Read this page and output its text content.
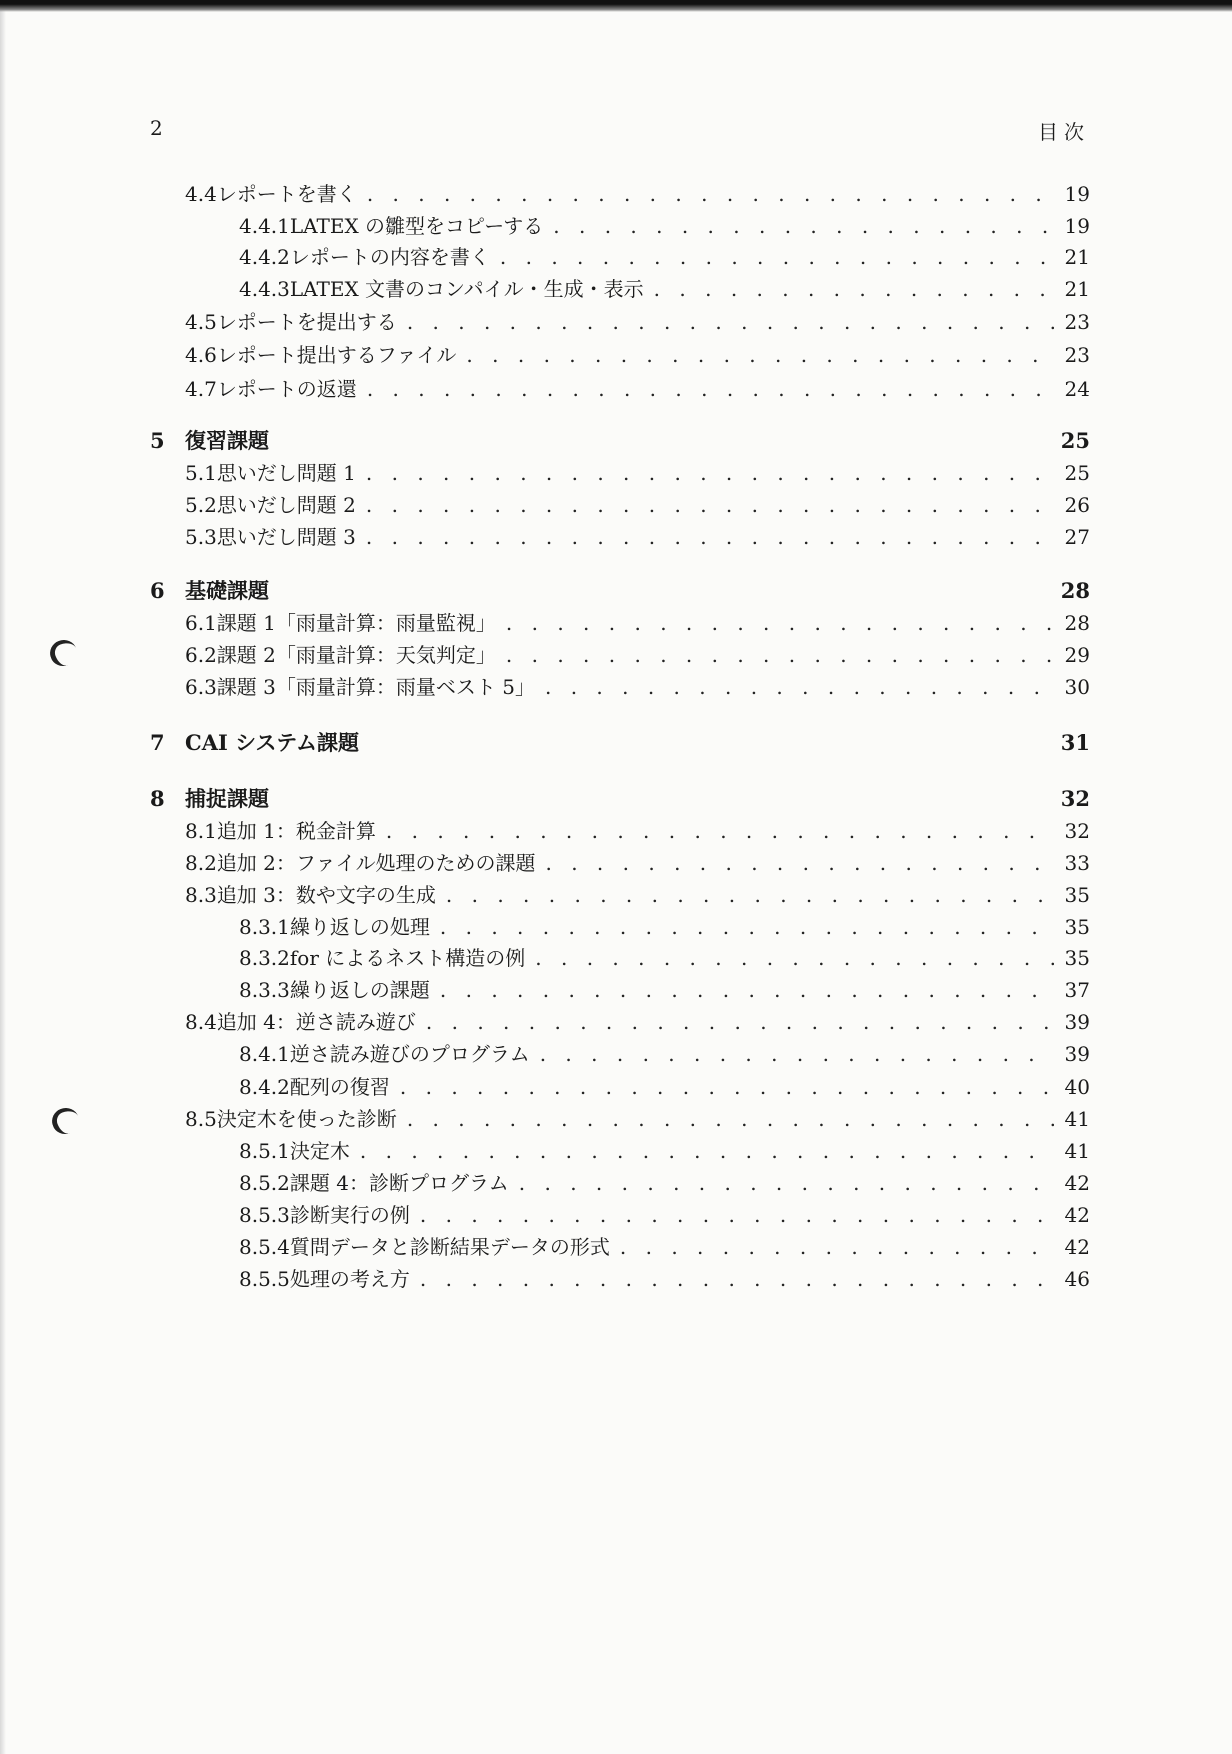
2	目次
4.4 レポートを書く . . .	19
4.4.1 LATEX の雛型をコピーする . . .	19
4.4.2 レポートの内容を書く . . .	21
4.4.3 LATEX 文書のコンパイル・生成・表示 . . .	21
4.5 レポートを提出する . . .	23
4.6 レポート提出するファイル . . .	23
4.7 レポートの返還 . . .	24
5 復習課題	25
5.1 思いだし問題 1 . . .	25
5.2 思いだし問題 2 . . .	26
5.3 思いだし問題 3 . . .	27
6 基礎課題	28
6.1 課題 1「雨量計算：雨量監視」 . . .	28
6.2 課題 2「雨量計算：天気判定」 . . .	29
6.3 課題 3「雨量計算：雨量ベスト 5」 . . .	30
7 CAI システム課題	31
8 捕捉課題	32
8.1 追加 1：税金計算 . . .	32
8.2 追加 2：ファイル処理のための課題 . . .	33
8.3 追加 3：数や文字の生成 . . .	35
8.3.1 繰り返しの処理 . . .	35
8.3.2 for によるネスト構造の例 . . .	35
8.3.3 繰り返しの課題 . . .	37
8.4 追加 4：逆さ読み遊び . . .	39
8.4.1 逆さ読み遊びのプログラム . . .	39
8.4.2 配列の復習 . . .	40
8.5 決定木を使った診断 . . .	41
8.5.1 決定木 . . .	41
8.5.2 課題 4：診断プログラム . . .	42
8.5.3 診断実行の例 . . .	42
8.5.4 質問データと診断結果データの形式 . . .	42
8.5.5 処理の考え方 . . .	46
